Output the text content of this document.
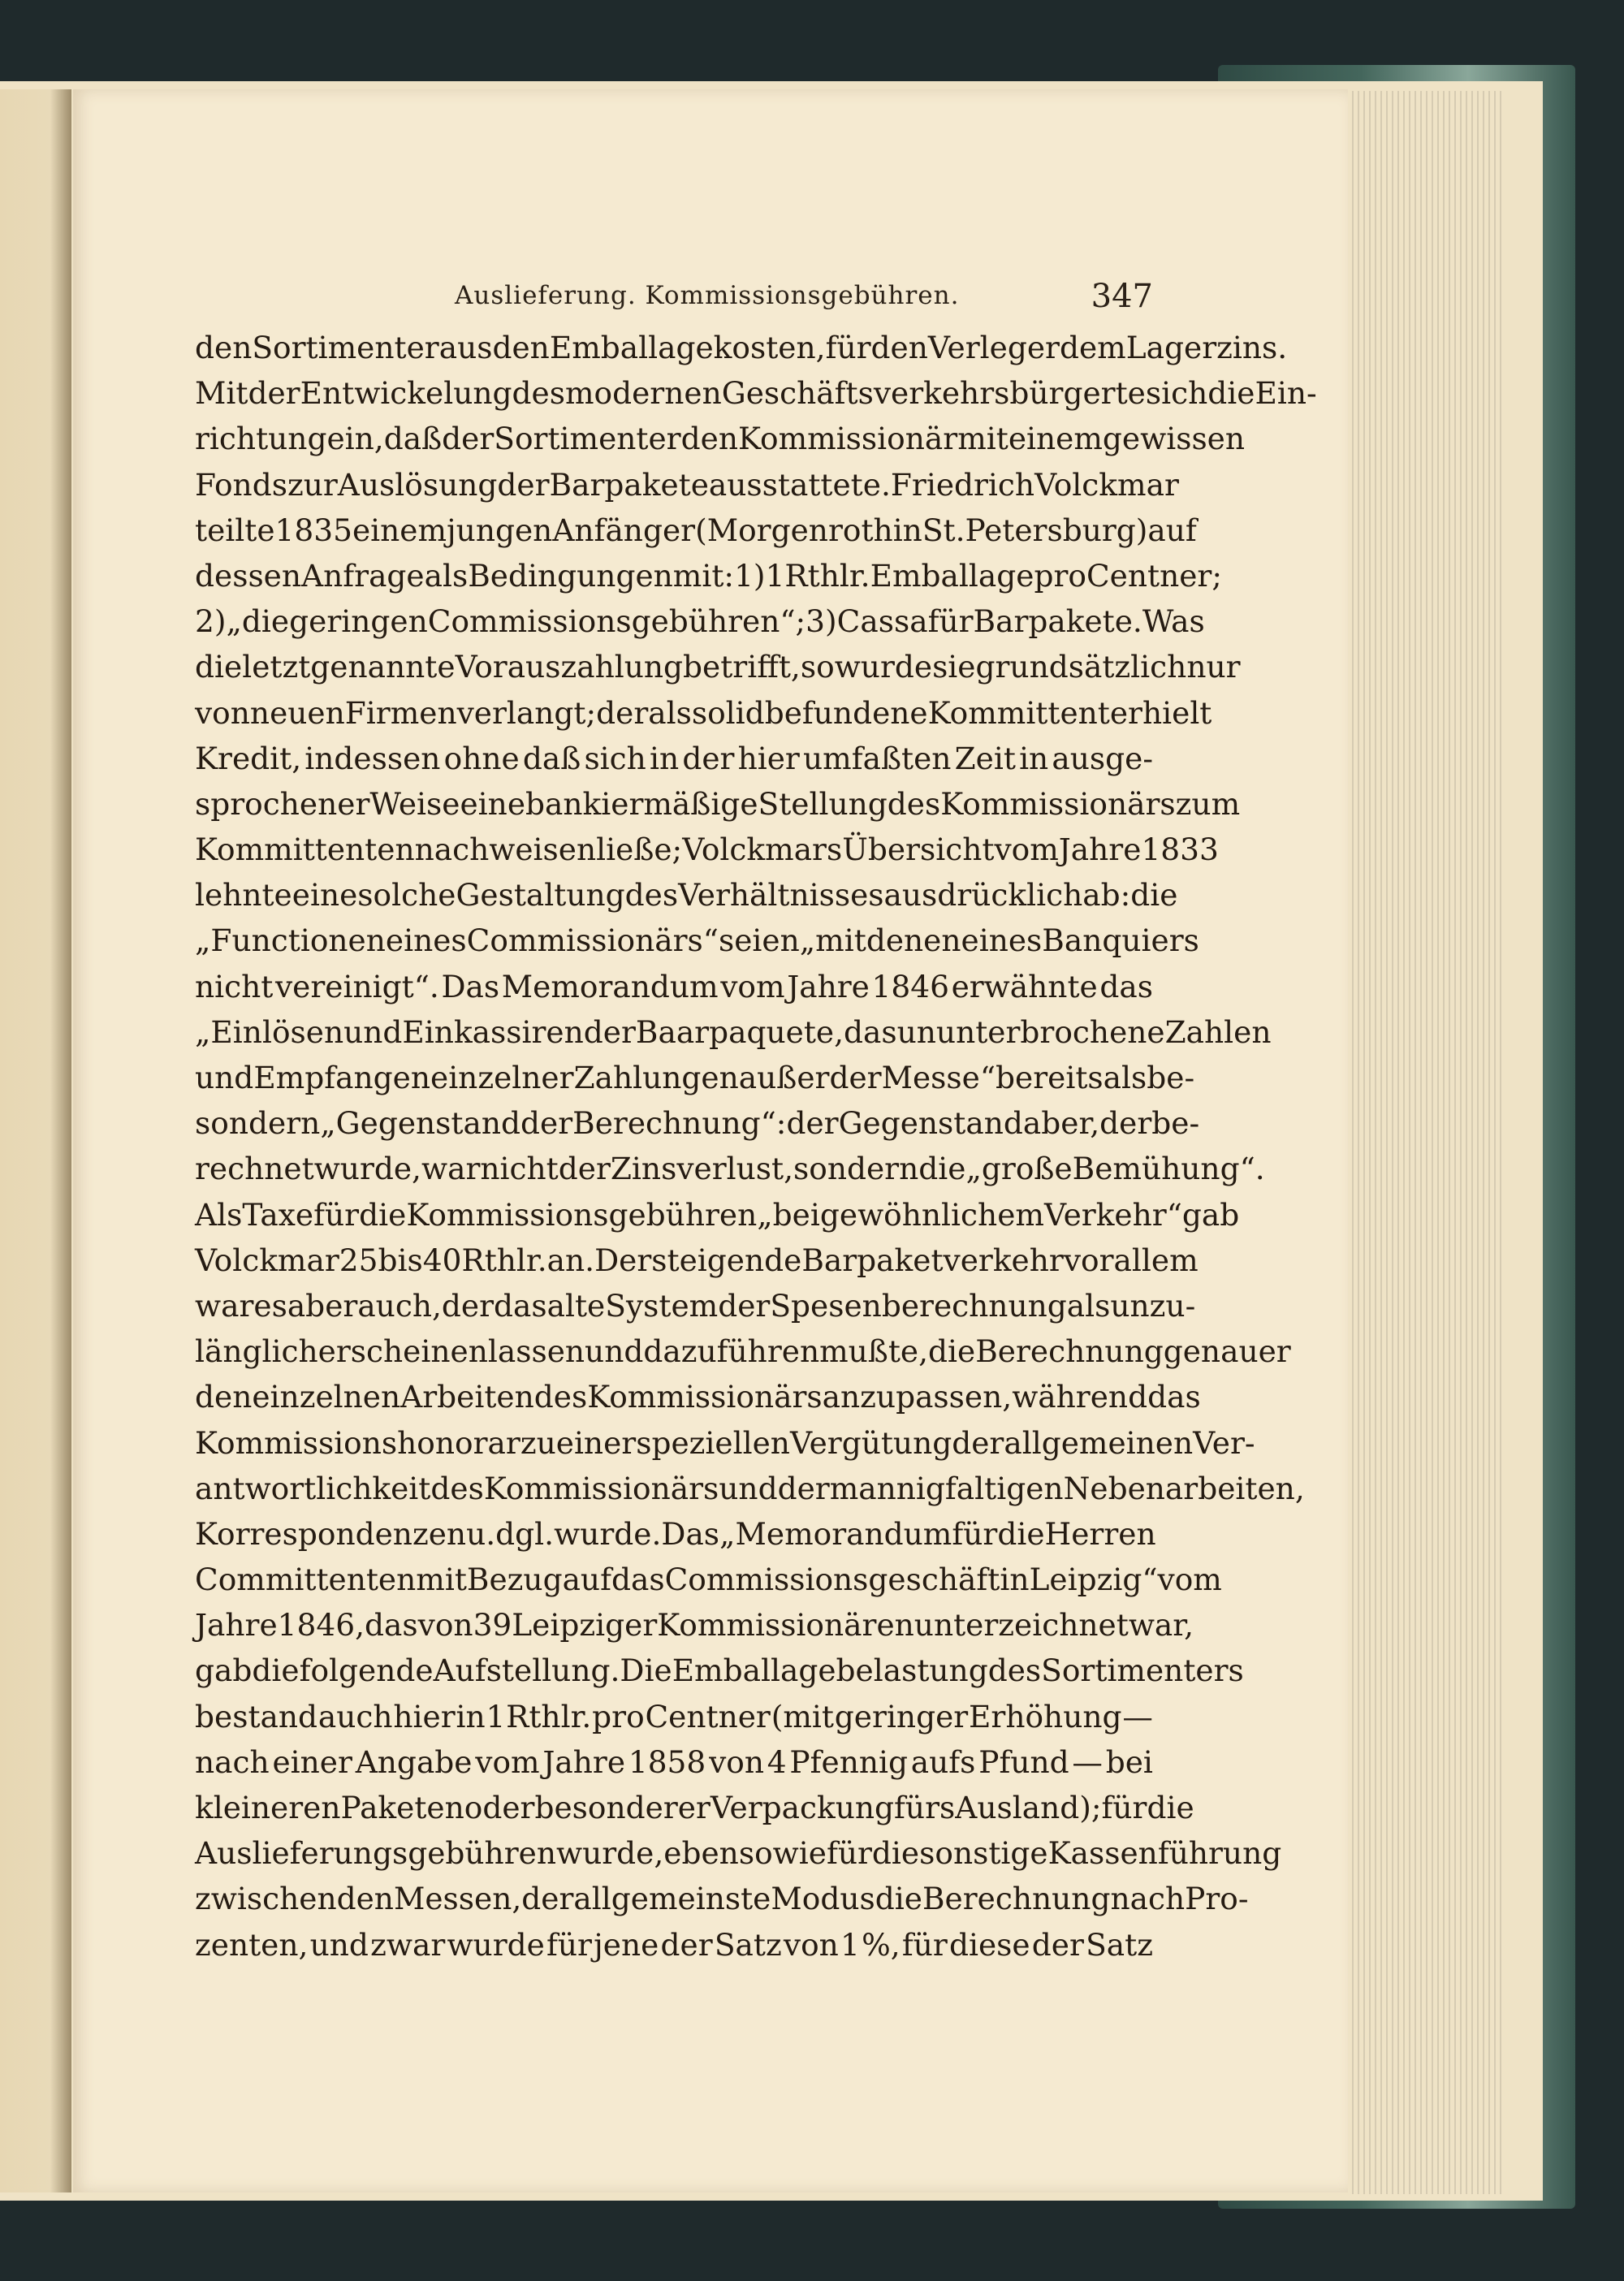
Auslieferung. Kommissionsgebühren.	347
den Sortimenter aus den Emballagekosten, für den Verleger dem Lagerzins.
Mit der Entwickelung des modernen Geschäftsverkehrs bürgerte sich die Ein-
richtung ein, daß der Sortimenter den Kommissionär mit einem gewissen
Fonds zur Auslösung der Barpakete ausstattete. Friedrich Volckmar
teilte 1835 einem jungen Anfänger (Morgenroth in St. Petersburg) auf
dessen Anfrage als Bedingungen mit: 1) 1 Rthlr. Emballage pro Centner;
2) „die geringen Commissionsgebühren“; 3) Cassa für Barpakete. Was
die letztgenannte Vorauszahlung betrifft, so wurde sie grundsätzlich nur
von neuen Firmen verlangt; der als solid befundene Kommittent erhielt
Kredit, indessen ohne daß sich in der hier umfaßten Zeit in ausge-
sprochener Weise eine bankiermäßige Stellung des Kommissionärs zum
Kommittenten nachweisen ließe; Volckmars Übersicht vom Jahre 1833
lehnte eine solche Gestaltung des Verhältnisses ausdrücklich ab: die
„Functionen eines Commissionärs“ seien „mit denen eines Banquiers
nicht vereinigt“. Das Memorandum vom Jahre 1846 erwähnte das
„Einlösen und Einkassiren der Baarpaquete, das ununterbrochene Zahlen
und Empfangen einzelner Zahlungen außer der Messe“ bereits als be-
sondern „Gegenstand der Berechnung“: der Gegenstand aber, der be-
rechnet wurde, war nicht der Zinsverlust, sondern die „große Bemühung“.
Als Taxe für die Kommissionsgebühren „bei gewöhnlichem Verkehr“ gab
Volckmar 25 bis 40 Rthlr. an. Der steigende Barpaketverkehr vor allem
war es aber auch, der das alte System der Spesenberechnung als unzu-
länglich erscheinen lassen und dazu führen mußte, die Berechnung genauer
den einzelnen Arbeiten des Kommissionärs anzupassen, während das
Kommissionshonorar zu einer speziellen Vergütung der allgemeinen Ver-
antwortlichkeit des Kommissionärs und der mannigfaltigen Nebenarbeiten,
Korrespondenzen u. dgl. wurde. Das „Memorandum für die Herren
Committenten mit Bezug auf das Commissionsgeschäft in Leipzig“ vom
Jahre 1846, das von 39 Leipziger Kommissionären unterzeichnet war,
gab die folgende Aufstellung. Die Emballagebelastung des Sortimenters
bestand auch hier in 1 Rthlr. pro Centner (mit geringer Erhöhung —
nach einer Angabe vom Jahre 1858 von 4 Pfennig aufs Pfund — bei
kleineren Paketen oder besonderer Verpackung fürs Ausland); für die
Auslieferungsgebühren wurde, ebenso wie für die sonstige Kassenführung
zwischen den Messen, der allgemeinste Modus die Berechnung nach Pro-
zenten, und zwar wurde für jene der Satz von 1 %, für diese der Satz
